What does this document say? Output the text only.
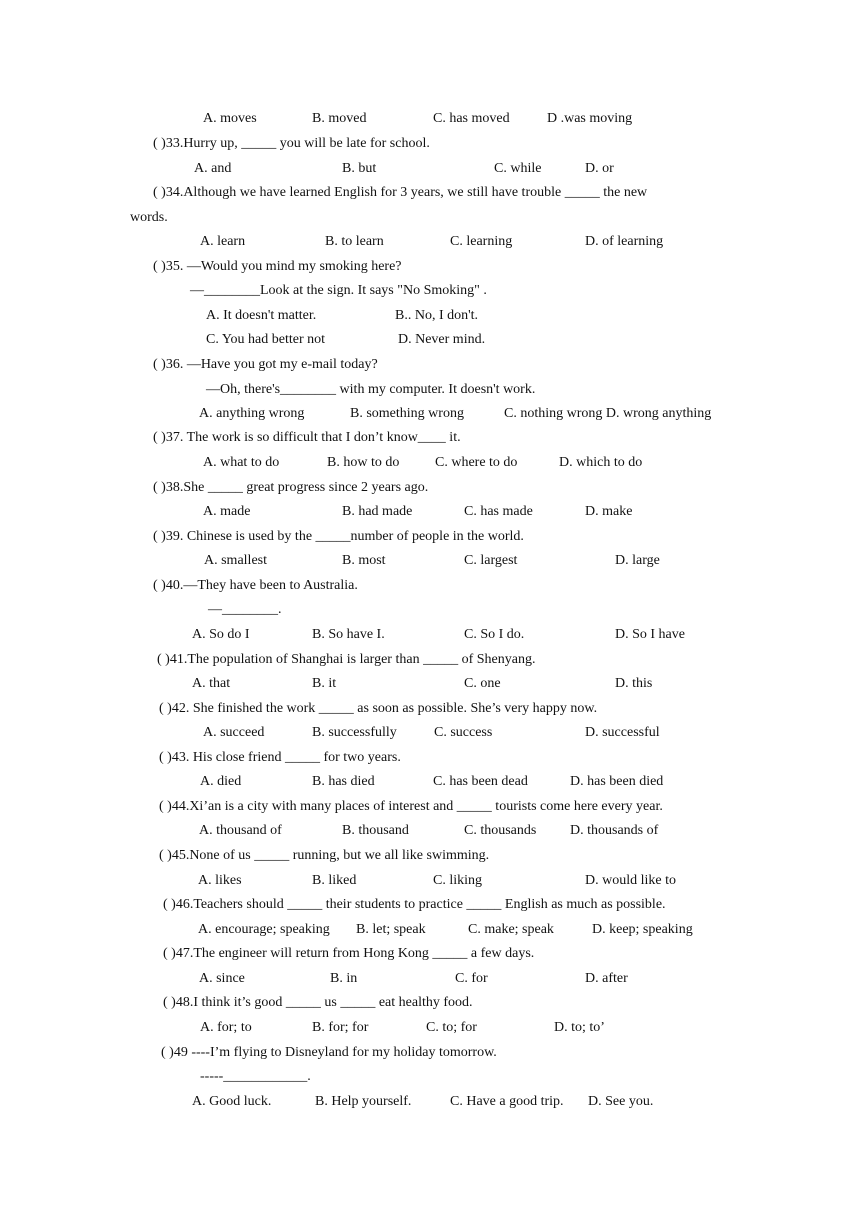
A. moves	B. moved	C. has moved	D .was moving
( )33.Hurry up, _____ you will be late for school.
A. and	B. but	C. while	D. or
( )34.Although we have learned English for 3 years, we still have trouble _____ the new
words.
A. learn	B. to learn	C. learning	D. of learning
( )35. —Would you mind my smoking here?
—________Look at the sign. It says "No Smoking" .
A. It doesn't matter.	B.. No, I don't.
C. You had better not	D. Never mind.
( )36. —Have you got my e-mail today?
—Oh, there's________ with my computer. It doesn't work.
A. anything wrong	B. something wrong	C. nothing wrong D. wrong anything
( )37. The work is so difficult that I don’t know____ it.
A. what to do	B. how to do	C. where to do	D. which to do
( )38.She _____ great progress since 2 years ago.
A. made	B. had made	C. has made	D. make
( )39. Chinese is used by the _____number of people in the world.
A. smallest	B. most	C. largest	D. large
( )40.—They have been to Australia.
—________.
A. So do I	B. So have I.	C. So I do.	D. So I have
( )41.The population of Shanghai is larger than _____ of Shenyang.
A. that	B. it	C. one	D. this
( )42. She finished the work _____ as soon as possible. She’s very happy now.
A. succeed	B. successfully	C. success	D. successful
( )43. His close friend _____ for two years.
A. died	B. has died	C. has been dead	D. has been died
( )44.Xi’an is a city with many places of interest and _____ tourists come here every year.
A. thousand of	B. thousand	C. thousands D. thousands of
( )45.None of us _____ running, but we all like swimming.
A. likes	B. liked	C. liking	D. would like to
( )46.Teachers should _____ their students to practice _____ English as much as possible.
A. encourage; speaking B. let; speak	C. make; speak	D. keep; speaking
( )47.The engineer will return from Hong Kong _____ a few days.
A. since	B. in	C. for	D. after
( )48.I think it’s good _____ us _____ eat healthy food.
A. for; to	B. for; for	C. to; for	D. to; to’
( )49 ----I’m flying to Disneyland for my holiday tomorrow.
-----____________.
A. Good luck.	B. Help yourself.	C. Have a good trip. D. See you.
